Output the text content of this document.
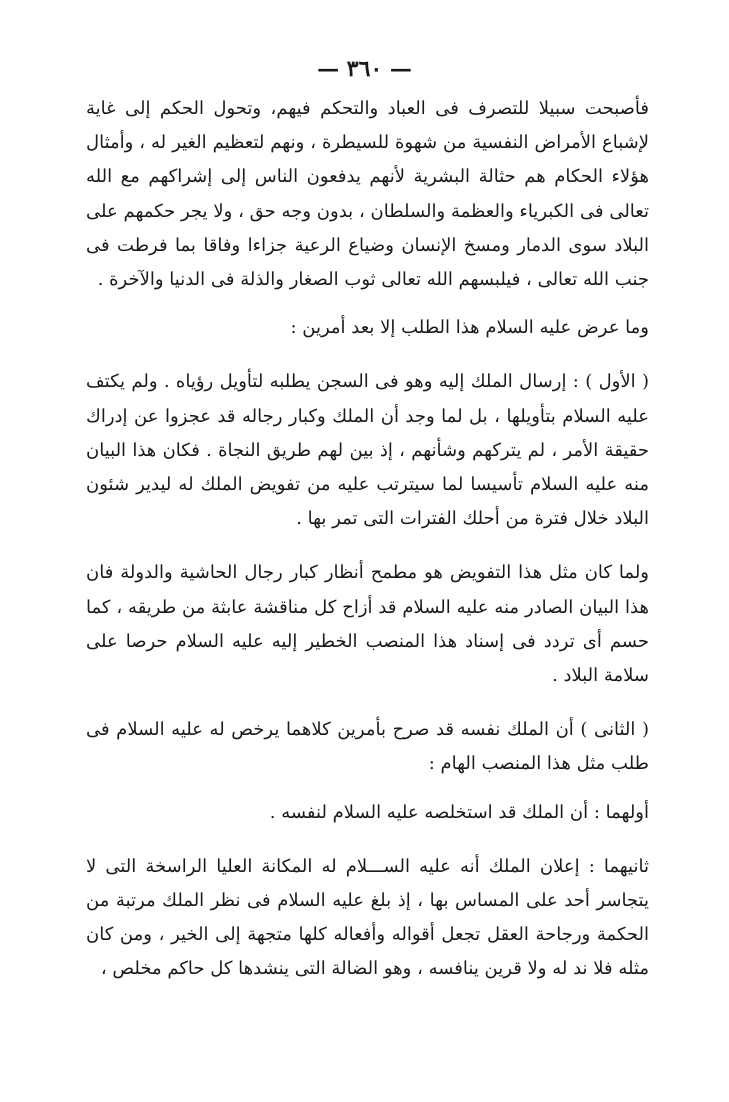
— ٣٦٠ —

فأصبحت سبيلا للتصرف فى العباد والتحكم فيهم، وتحول الحكم إلى غاية لإشباع الأمراض النفسية من شهوة للسيطرة ، ونهم لتعظيم الغير له ، وأمثال هؤلاء الحكام هم حثالة البشرية لأنهم يدفعون الناس إلى إشراكهم مع الله تعالى فى الكبرياء والعظمة والسلطان ، بدون وجه حق ، ولا يجر حكمهم على البلاد سوى الدمار ومسخ الإنسان وضياع الرعية جزاءا وفاقا بما فرطت فى جنب الله تعالى ، فيلبسهم الله تعالى ثوب الصغار والذلة فى الدنيا والآخرة .

وما عرض عليه السلام هذا الطلب إلا بعد أمرين :

( الأول ) : إرسال الملك إليه وهو فى السجن يطلبه لتأويل رؤياه . ولم يكتف عليه السلام بتأويلها ، بل لما وجد أن الملك وكبار رجاله قد عجزوا عن إدراك حقيقة الأمر ، لم يتركهم وشأنهم ، إذ بين لهم طريق النجاة . فكان هذا البيان منه عليه السلام تأسيسا لما سيترتب عليه من تفويض الملك له ليدير شئون البلاد خلال فترة من أحلك الفترات التى تمر بها .

ولما كان مثل هذا التفويض هو مطمح أنظار كبار رجال الحاشية والدولة فان هذا البيان الصادر منه عليه السلام قد أزاح كل مناقشة عابثة من طريقه ، كما حسم أى تردد فى إسناد هذا المنصب الخطير إليه عليه السلام حرصا على سلامة البلاد .

( الثانى ) أن الملك نفسه قد صرح بأمرين كلاهما يرخص له عليه السلام فى طلب مثل هذا المنصب الهام :

أولهما : أن الملك قد استخلصه عليه السلام لنفسه .

ثانيهما : إعلان الملك أنه عليه الســـلام له المكانة العليا الراسخة التى لا يتجاسر أحد على المساس بها ، إذ بلغ عليه السلام فى نظر الملك مرتبة من الحكمة ورجاحة العقل تجعل أقواله وأفعاله كلها متجهة إلى الخير ، ومن كان مثله فلا ند له ولا قرين ينافسه ، وهو الضالة التى ينشدها كل حاكم مخلص ،
